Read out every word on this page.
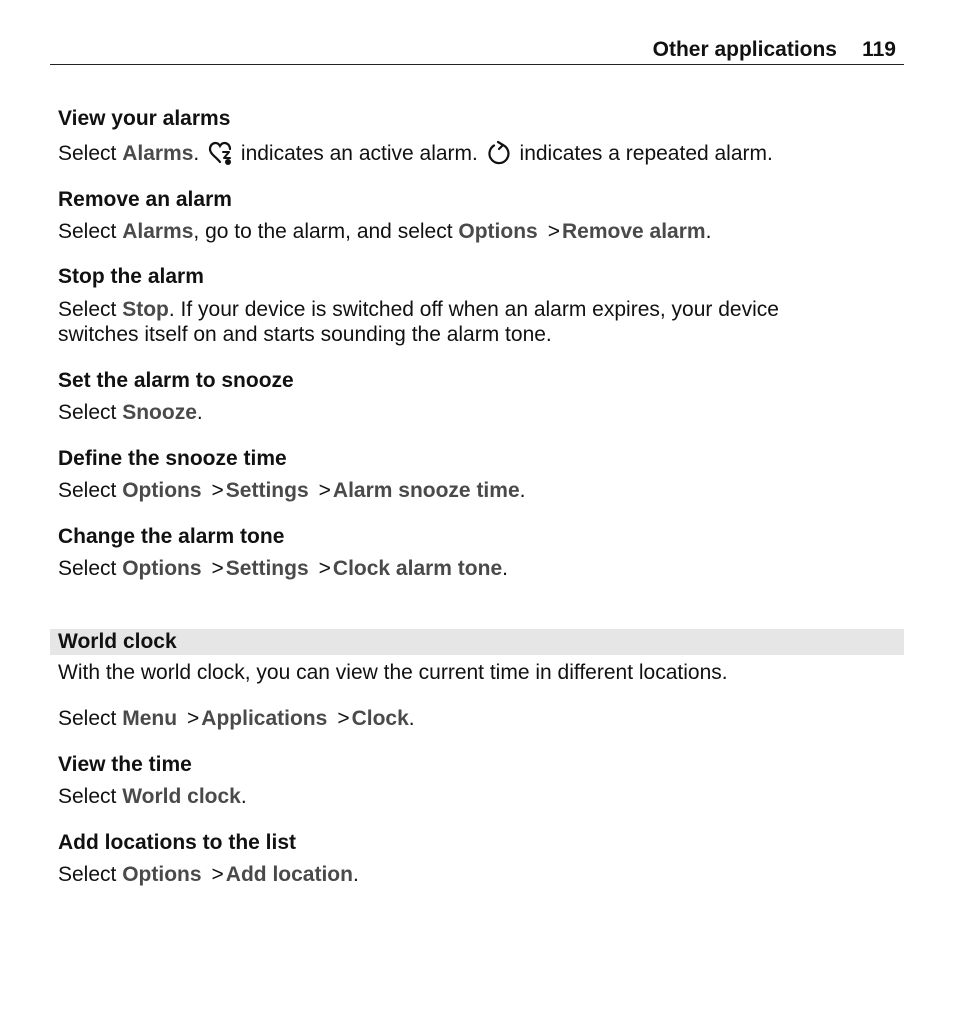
Other applications 119
View your alarms
Select Alarms.  indicates an active alarm.  indicates a repeated alarm.
Remove an alarm
Select Alarms, go to the alarm, and select Options >Remove alarm.
Stop the alarm
Select Stop. If your device is switched off when an alarm expires, your device
switches itself on and starts sounding the alarm tone.
Set the alarm to snooze
Select Snooze.
Define the snooze time
Select Options >Settings >Alarm snooze time.
Change the alarm tone
Select Options >Settings >Clock alarm tone.
World clock
With the world clock, you can view the current time in different locations.
Select Menu >Applications >Clock.
View the time
Select World clock.
Add locations to the list
Select Options >Add location.
